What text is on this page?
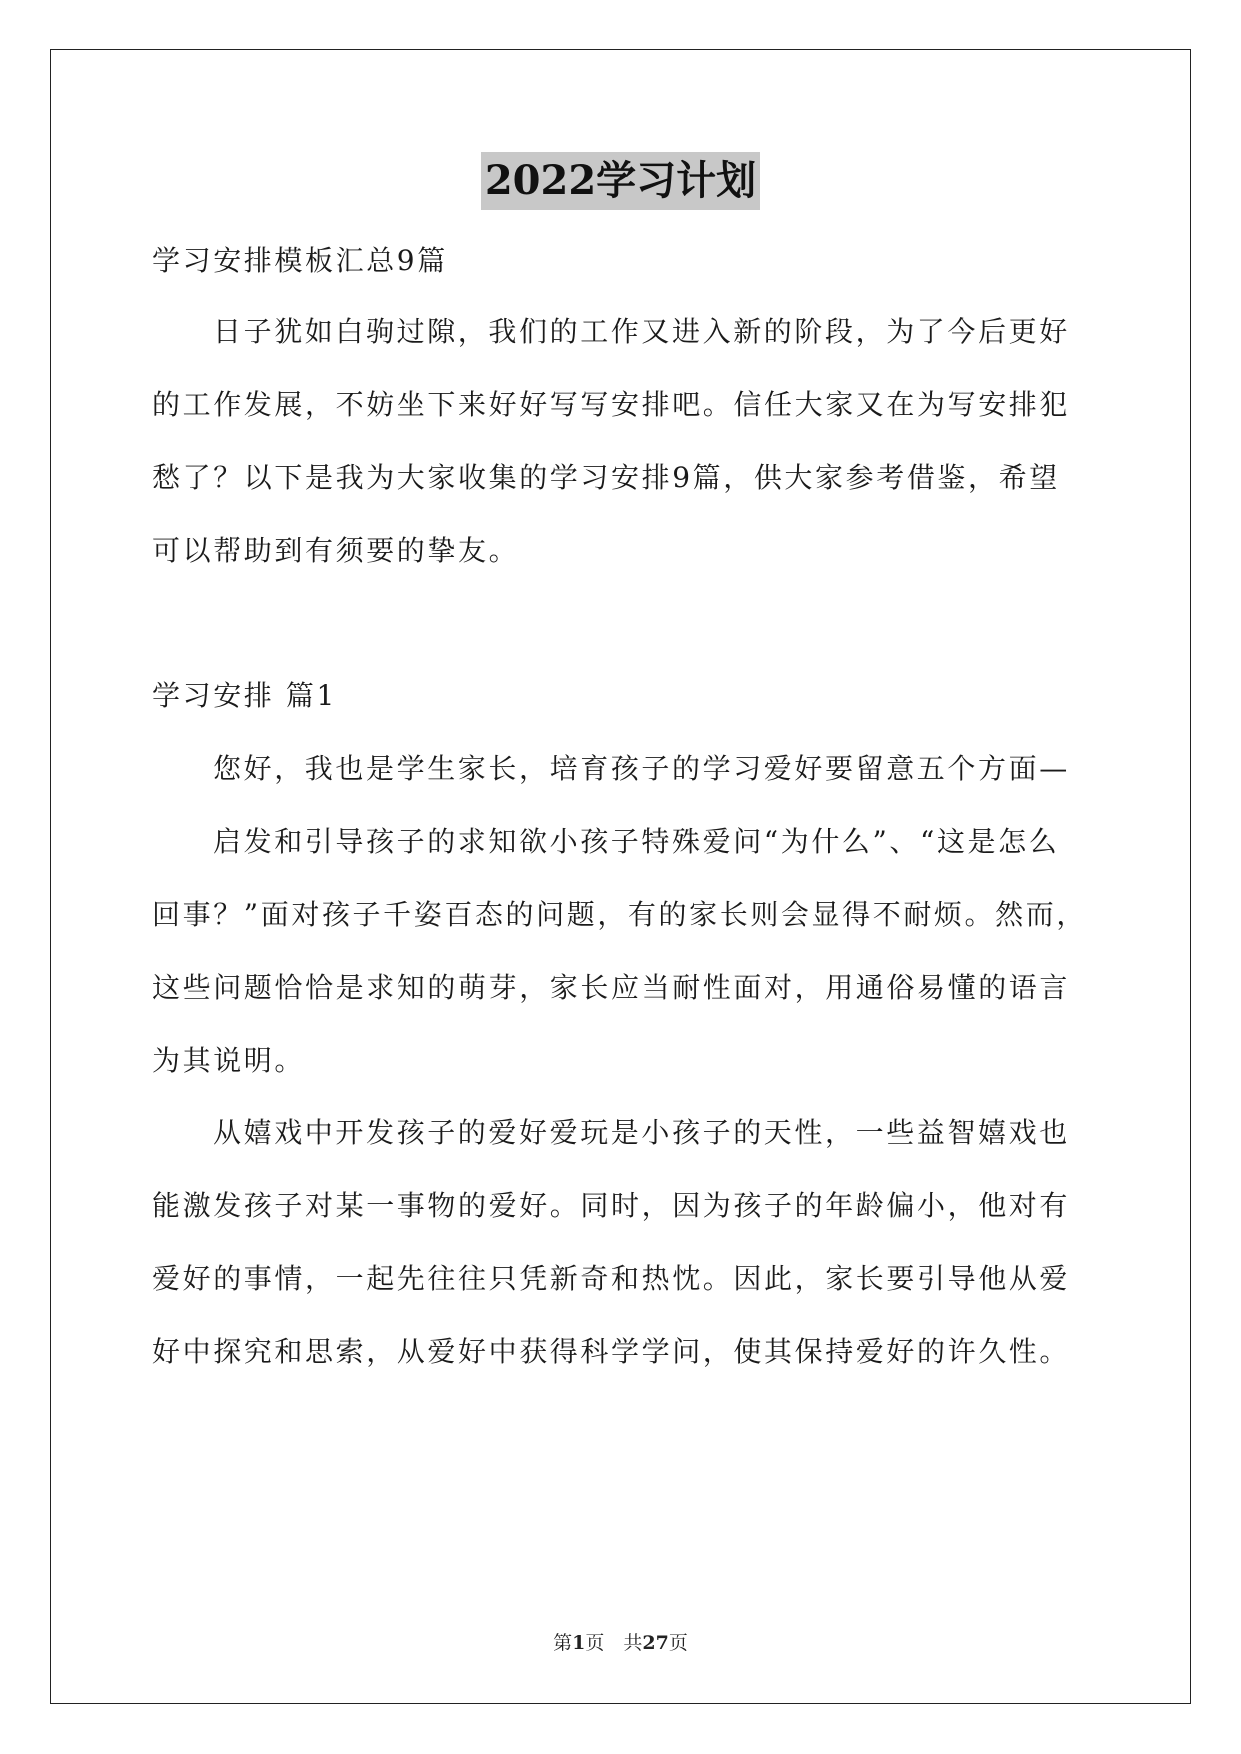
2022学习计划
学习安排模板汇总9篇
日子犹如白驹过隙，我们的工作又进入新的阶段，为了今后更好
的工作发展，不妨坐下来好好写写安排吧。信任大家又在为写安排犯
愁了？以下是我为大家收集的学习安排9篇，供大家参考借鉴，希望
可以帮助到有须要的挚友。
学习安排 篇1
您好，我也是学生家长，培育孩子的学习爱好要留意五个方面—
启发和引导孩子的求知欲小孩子特殊爱问“为什么”、“这是怎么
回事？”面对孩子千姿百态的问题，有的家长则会显得不耐烦。然而，
这些问题恰恰是求知的萌芽，家长应当耐性面对，用通俗易懂的语言
为其说明。
从嬉戏中开发孩子的爱好爱玩是小孩子的天性，一些益智嬉戏也
能激发孩子对某一事物的爱好。同时，因为孩子的年龄偏小，他对有
爱好的事情，一起先往往只凭新奇和热忱。因此，家长要引导他从爱
好中探究和思索，从爱好中获得科学学问，使其保持爱好的许久性。
第1页　共27页
